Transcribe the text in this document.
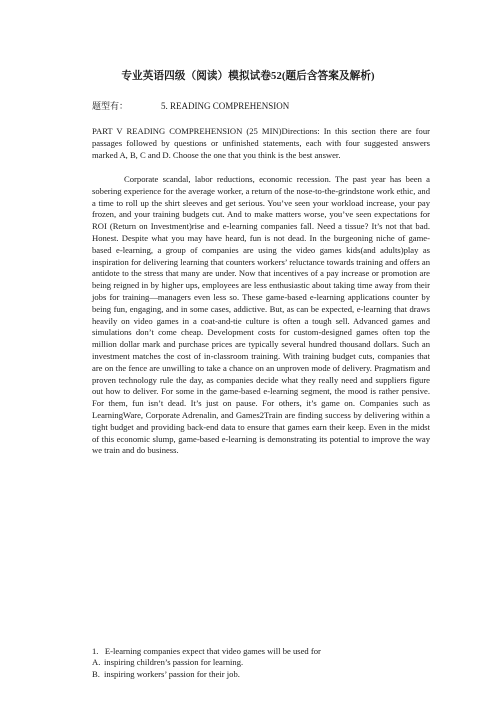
专业英语四级（阅读）模拟试卷52(题后含答案及解析)
题型有：	5. READING COMPREHENSION

PART V READING COMPREHENSION (25 MIN)Directions: In this section there are four passages followed by questions or unfinished statements, each with four suggested answers marked A, B, C and D. Choose the one that you think is the best answer.

Corporate scandal, labor reductions, economic recession. The past year has been a sobering experience for the average worker, a return of the nose-to-the-grindstone work ethic, and a time to roll up the shirt sleeves and get serious. You’ve seen your workload increase, your pay frozen, and your training budgets cut. And to make matters worse, you’ve seen expectations for ROI (Return on Investment)rise and e-learning companies fall. Need a tissue? It’s not that bad. Honest. Despite what you may have heard, fun is not dead. In the burgeoning niche of game-based e-learning, a group of companies are using the video games kids(and adults)play as inspiration for delivering learning that counters workers’ reluctance towards training and offers an antidote to the stress that many are under. Now that incentives of a pay increase or promotion are being reigned in by higher ups, employees are less enthusiastic about taking time away from their jobs for training—managers even less so. These game-based e-learning applications counter by being fun, engaging, and in some cases, addictive. But, as can be expected, e-learning that draws heavily on video games in a coat-and-tie culture is often a tough sell. Advanced games and simulations don’t come cheap. Development costs for custom-designed games often top the million dollar mark and purchase prices are typically several hundred thousand dollars. Such an investment matches the cost of in-classroom training. With training budget cuts, companies that are on the fence are unwilling to take a chance on an unproven mode of delivery. Pragmatism and proven technology rule the day, as companies decide what they really need and suppliers figure out how to deliver. For some in the game-based e-learning segment, the mood is rather pensive. For them, fun isn’t dead. It’s just on pause. For others, it’s game on. Companies such as LearningWare, Corporate Adrenalin, and Games2Train are finding success by delivering within a tight budget and providing back-end data to ensure that games earn their keep. Even in the midst of this economic slump, game-based e-learning is demonstrating its potential to improve the way we train and do business.

1. E-learning companies expect that video games will be used for
A. inspiring children’s passion for learning.
B. inspiring workers’ passion for their job.
